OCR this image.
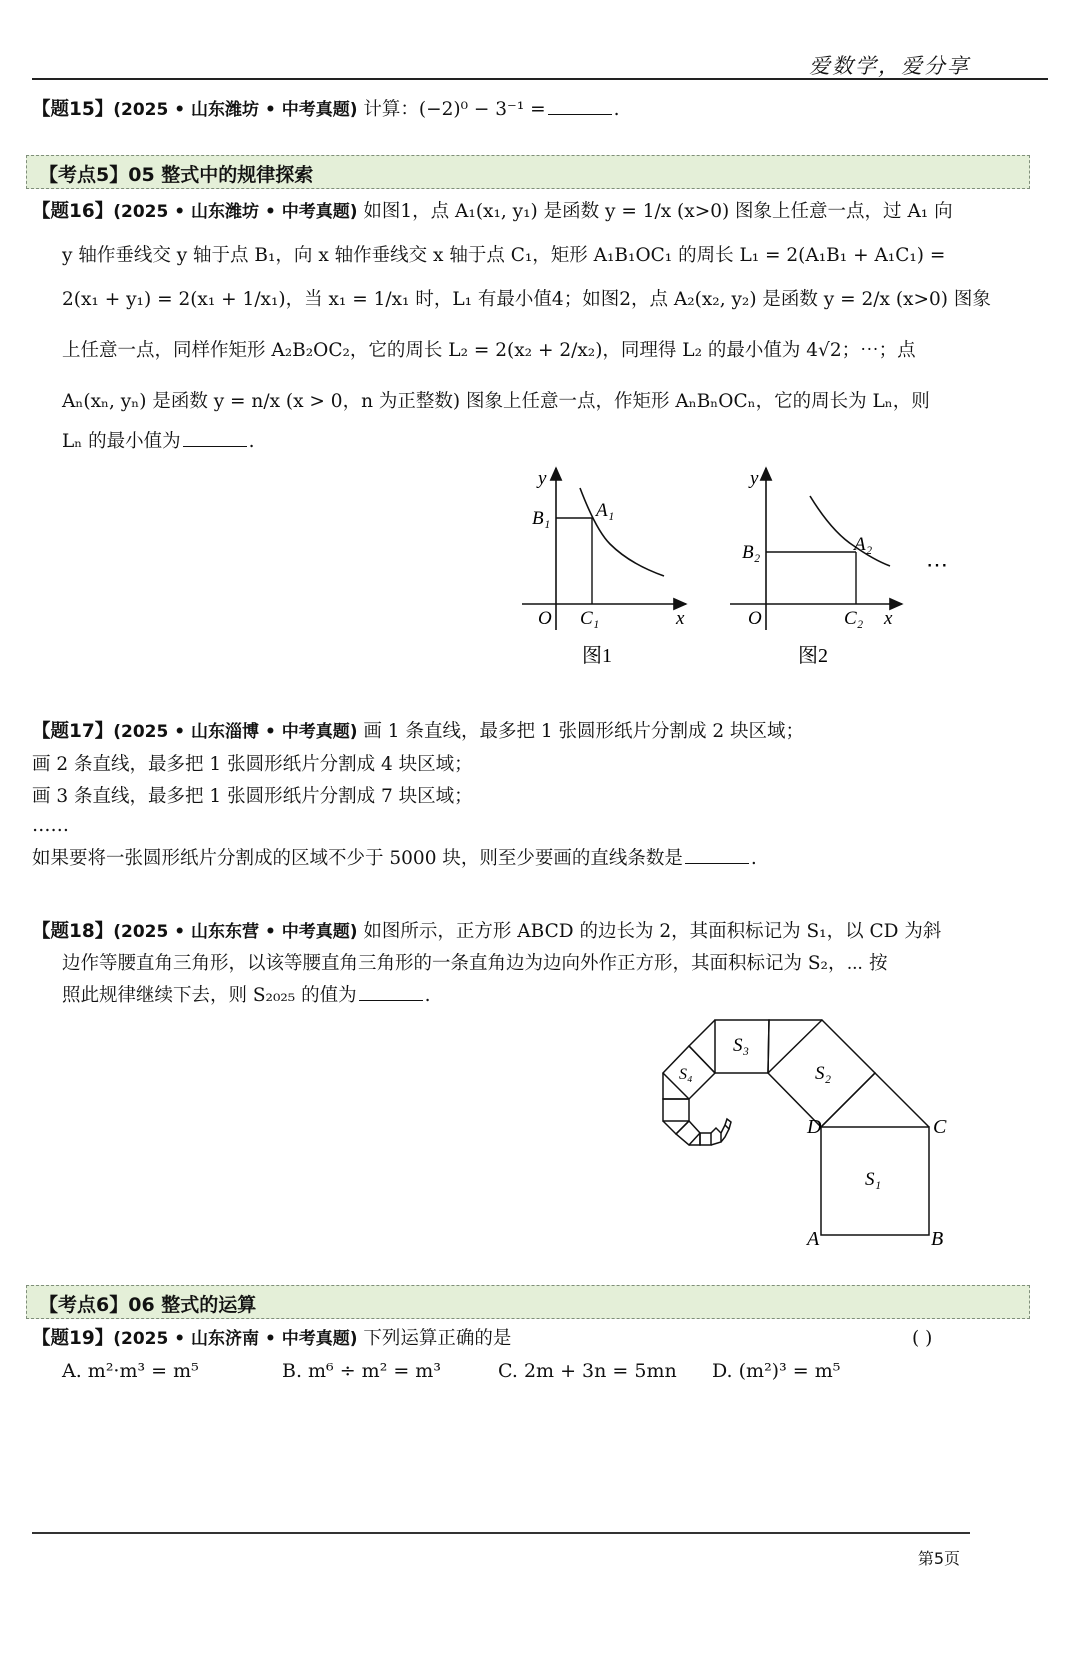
爱数学，爱分享
【题15】(2025 • 山东潍坊 • 中考真题) 计算：(−2)⁰ − 3⁻¹ =	.
【考点5】05 整式中的规律探索
【题16】(2025 • 山东潍坊 • 中考真题) 如图1，点 A₁(x₁, y₁) 是函数 y = 1/x (x>0) 图象上任意一点，过 A₁ 向
y 轴作垂线交 y 轴于点 B₁，向 x 轴作垂线交 x 轴于点 C₁，矩形 A₁B₁OC₁ 的周长 L₁ = 2(A₁B₁ + A₁C₁) =
2(x₁ + y₁) = 2(x₁ + 1/x₁)，当 x₁ = 1/x₁ 时，L₁ 有最小值4；如图2，点 A₂(x₂, y₂) 是函数 y = 2/x (x>0) 图象
上任意一点，同样作矩形 A₂B₂OC₂，它的周长 L₂ = 2(x₂ + 2/x₂)，同理得 L₂ 的最小值为 4√2；⋯；点
Aₙ(xₙ, yₙ) 是函数 y = n/x (x > 0，n 为正整数) 图象上任意一点，作矩形 AₙBₙOCₙ，它的周长为 Lₙ，则
Lₙ 的最小值为	.
y
x
O
A₁
B₁
C₁
图1
y
x
O
A₂
B₂
C₂
图2
⋯
【题17】(2025 • 山东淄博 • 中考真题) 画 1 条直线，最多把 1 张圆形纸片分割成 2 块区域；
画 2 条直线，最多把 1 张圆形纸片分割成 4 块区域；
画 3 条直线，最多把 1 张圆形纸片分割成 7 块区域；
……
如果要将一张圆形纸片分割成的区域不少于 5000 块，则至少要画的直线条数是	.
【题18】(2025 • 山东东营 • 中考真题) 如图所示，正方形 ABCD 的边长为 2，其面积标记为 S₁，以 CD 为斜
边作等腰直角三角形，以该等腰直角三角形的一条直角边为边向外作正方形，其面积标记为 S₂，⋯ 按
照此规律继续下去，则 S₂₀₂₅ 的值为	.
D	C
A	B
S₁
S₂
S₃
S₄
【考点6】06 整式的运算
【题19】(2025 • 山东济南 • 中考真题) 下列运算正确的是	( )
A. m²·m³ = m⁵	B. m⁶ ÷ m² = m³	C. 2m + 3n = 5mn D. (m²)³ = m⁵
第5页
